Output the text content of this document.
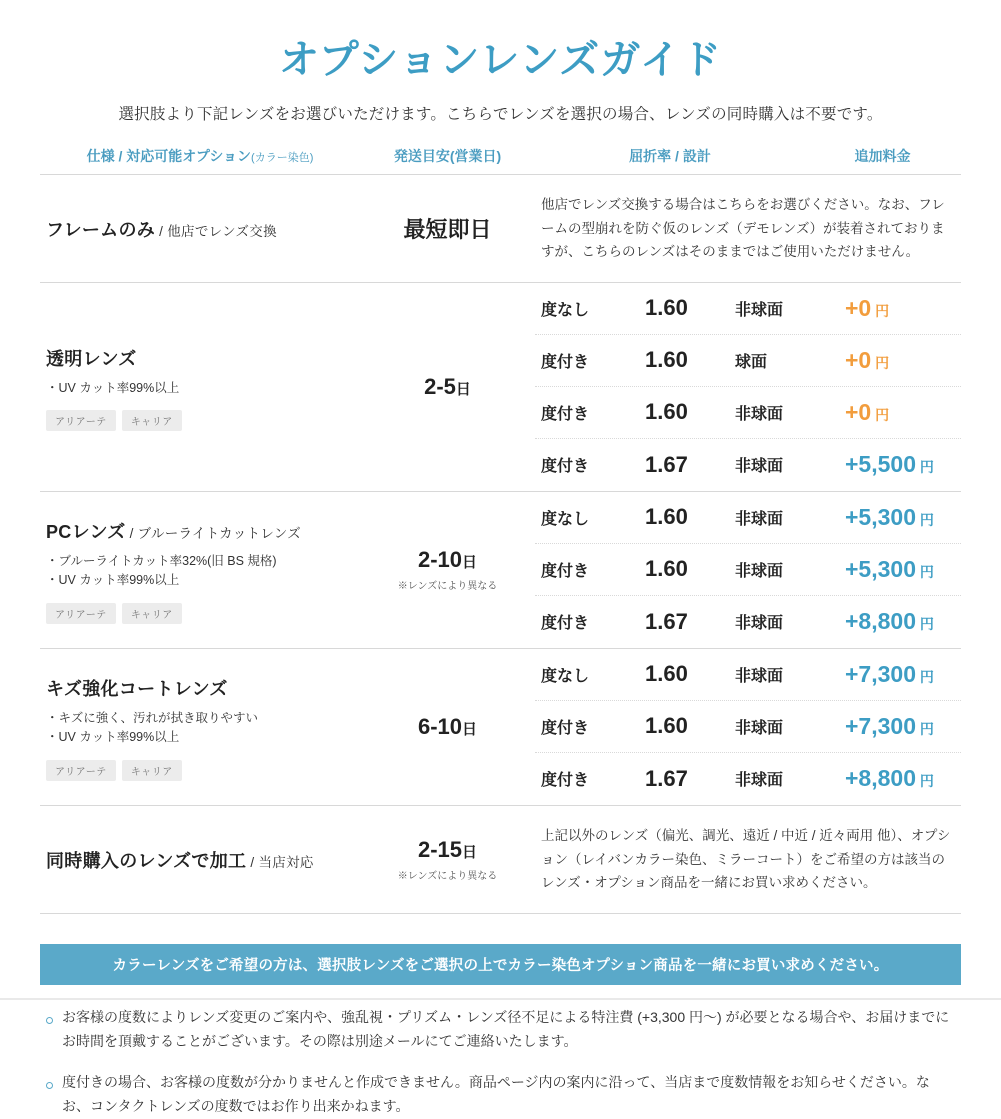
オプションレンズガイド
選択肢より下記レンズをお選びいただけます。こちらでレンズを選択の場合、レンズの同時購入は不要です。
仕様 / 対応可能オプション(カラー染色)	発送目安(営業日)	屈折率 / 設計	追加料金
フレームのみ / 他店でレンズ交換	最短即日
他店でレンズ交換する場合はこちらをお選びください。なお、フレームの型崩れを防ぐ仮のレンズ（デモレンズ）が装着されておりますが、こちらのレンズはそのままではご使用いただけません。
透明レンズ
・UV カット率99%以上
アリアーテ	キャリア
2-5日
度なし	1.60	非球面	+0 円
度付き	1.60	球面	+0 円
度付き	1.60	非球面	+0 円
度付き	1.67	非球面	+5,500 円
PCレンズ / ブルーライトカットレンズ
・ブルーライトカット率32%(旧 BS 規格)
・UV カット率99%以上
アリアーテ	キャリア
2-10日
※レンズにより異なる
度なし	1.60	非球面	+5,300 円
度付き	1.60	非球面	+5,300 円
度付き	1.67	非球面	+8,800 円
キズ強化コートレンズ
・キズに強く、汚れが拭き取りやすい
・UV カット率99%以上
アリアーテ	キャリア
6-10日
度なし	1.60	非球面	+7,300 円
度付き	1.60	非球面	+7,300 円
度付き	1.67	非球面	+8,800 円
同時購入のレンズで加工 / 当店対応
2-15日
※レンズにより異なる
上記以外のレンズ（偏光、調光、遠近 / 中近 / 近々両用 他）、オプション（レイバンカラー染色、ミラーコート）をご希望の方は該当のレンズ・オプション商品を一緒にお買い求めください。
カラーレンズをご希望の方は、選択肢レンズをご選択の上でカラー染色オプション商品を一緒にお買い求めください。
お客様の度数によりレンズ変更のご案内や、強乱視・プリズム・レンズ径不足による特注費 (+3,300 円〜) が必要となる場合や、お届けまでにお時間を頂戴することがございます。その際は別途メールにてご連絡いたします。
度付きの場合、お客様の度数が分かりませんと作成できません。商品ページ内の案内に沿って、当店まで度数情報をお知らせください。なお、コンタクトレンズの度数ではお作り出来かねます。
